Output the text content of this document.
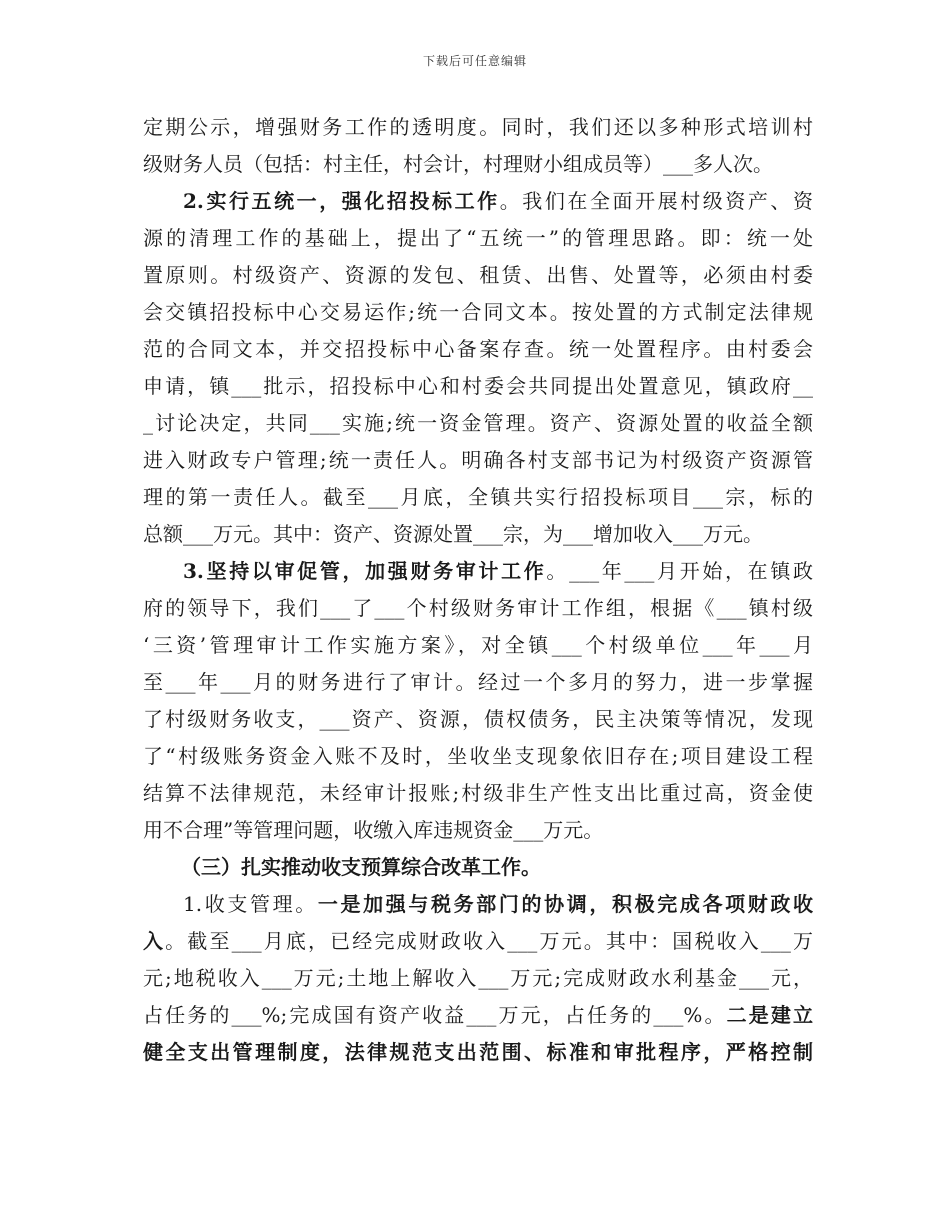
下载后可任意编辑
定期公示，增强财务工作的透明度。同时，我们还以多种形式培训村
级财务人员（包括：村主任，村会计，村理财小组成员等）___多人次。
2.实行五统一，强化招投标工作。我们在全面开展村级资产、资
源的清理工作的基础上，提出了“五统一”的管理思路。即：统一处
置原则。村级资产、资源的发包、租赁、出售、处置等，必须由村委
会交镇招投标中心交易运作;统一合同文本。按处置的方式制定法律规
范的合同文本，并交招投标中心备案存查。统一处置程序。由村委会
申请，镇___批示，招投标中心和村委会共同提出处置意见，镇政府__
_讨论决定，共同___实施;统一资金管理。资产、资源处置的收益全额
进入财政专户管理;统一责任人。明确各村支部书记为村级资产资源管
理的第一责任人。截至___月底，全镇共实行招投标项目___宗，标的
总额___万元。其中：资产、资源处置___宗，为___增加收入___万元。
3.坚持以审促管，加强财务审计工作。___年___月开始，在镇政
府的领导下，我们___了___个村级财务审计工作组，根据《___镇村级
‘三资’管理审计工作实施方案》，对全镇___个村级单位___年___月
至___年___月的财务进行了审计。经过一个多月的努力，进一步掌握
了村级财务收支，___资产、资源，债权债务，民主决策等情况，发现
了“村级账务资金入账不及时，坐收坐支现象依旧存在;项目建设工程
结算不法律规范，未经审计报账;村级非生产性支出比重过高，资金使
用不合理”等管理问题，收缴入库违规资金___万元。
（三）扎实推动收支预算综合改革工作。
1.收支管理。一是加强与税务部门的协调，积极完成各项财政收
入。截至___月底，已经完成财政收入___万元。其中：国税收入___万
元;地税收入___万元;土地上解收入___万元;完成财政水利基金___元，
占任务的___%;完成国有资产收益___万元，占任务的___%。二是建立
健全支出管理制度，法律规范支出范围、标准和审批程序，严格控制
